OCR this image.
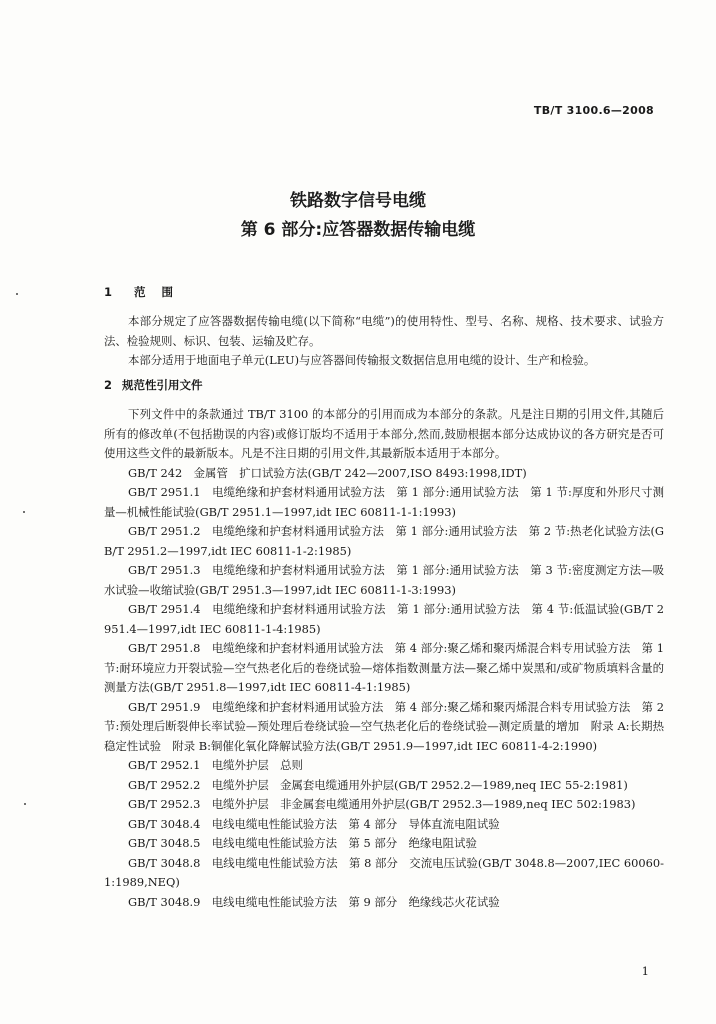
TB/T 3100.6—2008
铁路数字信号电缆
第 6 部分:应答器数据传输电缆
1 范围

本部分规定了应答器数据传输电缆(以下简称“电缆”)的使用特性、型号、名称、规格、技术要求、试验方法、检验规则、标识、包装、运输及贮存。

本部分适用于地面电子单元(LEU)与应答器间传输报文数据信息用电缆的设计、生产和检验。

2 规范性引用文件

下列文件中的条款通过 TB/T 3100 的本部分的引用而成为本部分的条款。凡是注日期的引用文件,其随后所有的修改单(不包括勘误的内容)或修订版均不适用于本部分,然而,鼓励根据本部分达成协议的各方研究是否可使用这些文件的最新版本。凡是不注日期的引用文件,其最新版本适用于本部分。

GB/T 242　金属管　扩口试验方法(GB/T 242—2007,ISO 8493:1998,IDT)

GB/T 2951.1　电缆绝缘和护套材料通用试验方法　第 1 部分:通用试验方法　第 1 节:厚度和外形尺寸测量—机械性能试验(GB/T 2951.1—1997,idt IEC 60811-1-1:1993)

GB/T 2951.2　电缆绝缘和护套材料通用试验方法　第 1 部分:通用试验方法　第 2 节:热老化试验方法(GB/T 2951.2—1997,idt IEC 60811-1-2:1985)

GB/T 2951.3　电缆绝缘和护套材料通用试验方法　第 1 部分:通用试验方法　第 3 节:密度测定方法—吸水试验—收缩试验(GB/T 2951.3—1997,idt IEC 60811-1-3:1993)

GB/T 2951.4　电缆绝缘和护套材料通用试验方法　第 1 部分:通用试验方法　第 4 节:低温试验(GB/T 2951.4—1997,idt IEC 60811-1-4:1985)

GB/T 2951.8　电缆绝缘和护套材料通用试验方法　第 4 部分:聚乙烯和聚丙烯混合料专用试验方法　第 1 节:耐环境应力开裂试验—空气热老化后的卷绕试验—熔体指数测量方法—聚乙烯中炭黑和/或矿物质填料含量的测量方法(GB/T 2951.8—1997,idt IEC 60811-4-1:1985)

GB/T 2951.9　电缆绝缘和护套材料通用试验方法　第 4 部分:聚乙烯和聚丙烯混合料专用试验方法　第 2 节:预处理后断裂伸长率试验—预处理后卷绕试验—空气热老化后的卷绕试验—测定质量的增加　附录 A:长期热稳定性试验　附录 B:铜催化氧化降解试验方法(GB/T 2951.9—1997,idt IEC 60811-4-2:1990)

GB/T 2952.1　电缆外护层　总则

GB/T 2952.2　电缆外护层　金属套电缆通用外护层(GB/T 2952.2—1989,neq IEC 55-2:1981)

GB/T 2952.3　电缆外护层　非金属套电缆通用外护层(GB/T 2952.3—1989,neq IEC 502:1983)

GB/T 3048.4　电线电缆电性能试验方法　第 4 部分　导体直流电阻试验

GB/T 3048.5　电线电缆电性能试验方法　第 5 部分　绝缘电阻试验

GB/T 3048.8　电线电缆电性能试验方法　第 8 部分　交流电压试验(GB/T 3048.8—2007,IEC 60060-1:1989,NEQ)

GB/T 3048.9　电线电缆电性能试验方法　第 9 部分　绝缘线芯火花试验

1
